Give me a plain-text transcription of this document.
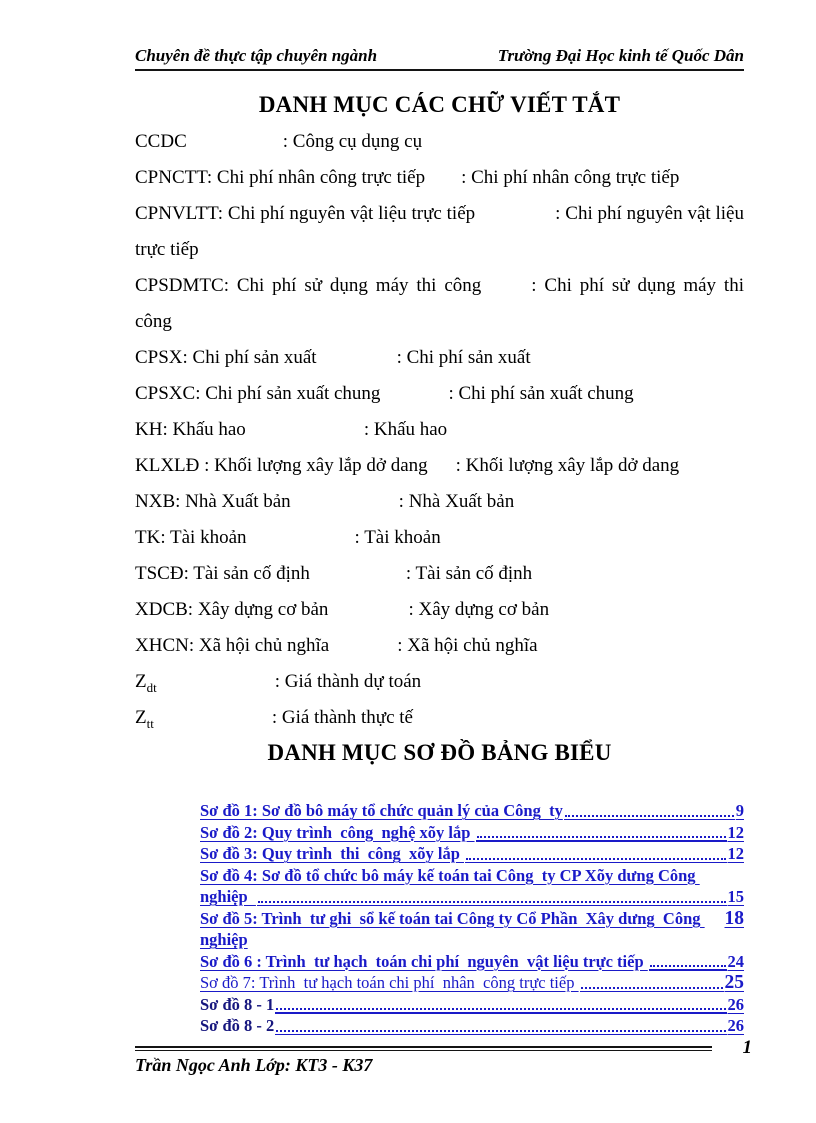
Chuyên đề thực tập chuyên ngành	Trường Đại Học kinh tế Quốc Dân
DANH MỤC CÁC CHỮ VIẾT TẮT

CCDC	: Công cụ dụng cụ

CPNCTT: Chi phí nhân công trực tiếp : Chi phí nhân công trực tiếp

CPNVLTT: Chi phí nguyên vật liệu trực tiếp	: Chi phí nguyên vật liệu trực tiếp

CPSDMTC: Chi phí sử dụng máy thi công	: Chi phí sử dụng máy thi công

CPSX: Chi phí sản xuất	: Chi phí sản xuất

CPSXC: Chi phí sản xuất chung	: Chi phí sản xuất chung

KH: Khấu hao	: Khấu hao

KLXLĐ : Khối lượng xây lắp dở dang : Khối lượng xây lắp dở dang

NXB: Nhà Xuất bản	: Nhà Xuất bản

TK: Tài khoản	: Tài khoản

TSCĐ: Tài sản cố định	: Tài sản cố định

XDCB: Xây dựng cơ bản	: Xây dựng cơ bản

XHCN: Xã hội chủ nghĩa	: Xã hội chủ nghĩa

$Z_{dt}$	: Giá thành dự toán

$Z_{tt}$	: Giá thành thực tế

DANH MỤC SƠ ĐỒ BẢNG BIỂU
Sơ đồ 1: Sơ đồ bô máy tổ chức quản lý của Công  ty	9
Sơ đồ 2: Quy trình  công  nghệ xõy lắp	12
Sơ đồ 3: Quy trình  thi  công  xõy lắp	12
Sơ đồ 4: Sơ đồ tổ chức bô máy kế toán tai Công  ty CP Xõy dưng Công
nghiệp	15
Sơ đồ 5: Trình  tư ghi  sổ kế toán tai Công ty Cổ Phần  Xây dưng  Công nghiệp
18
Sơ đồ 6 : Trình  tư hạch  toán chi phí  nguyên  vật liệu trực tiếp	24
Sơ đồ 7: Trình  tư hạch toán chi phí  nhân  công trực tiếp	25
Sơ đồ 8 - 1	26
Sơ đồ 8 - 2	26
Trần Ngọc Anh Lớp: KT3 - K37
1
